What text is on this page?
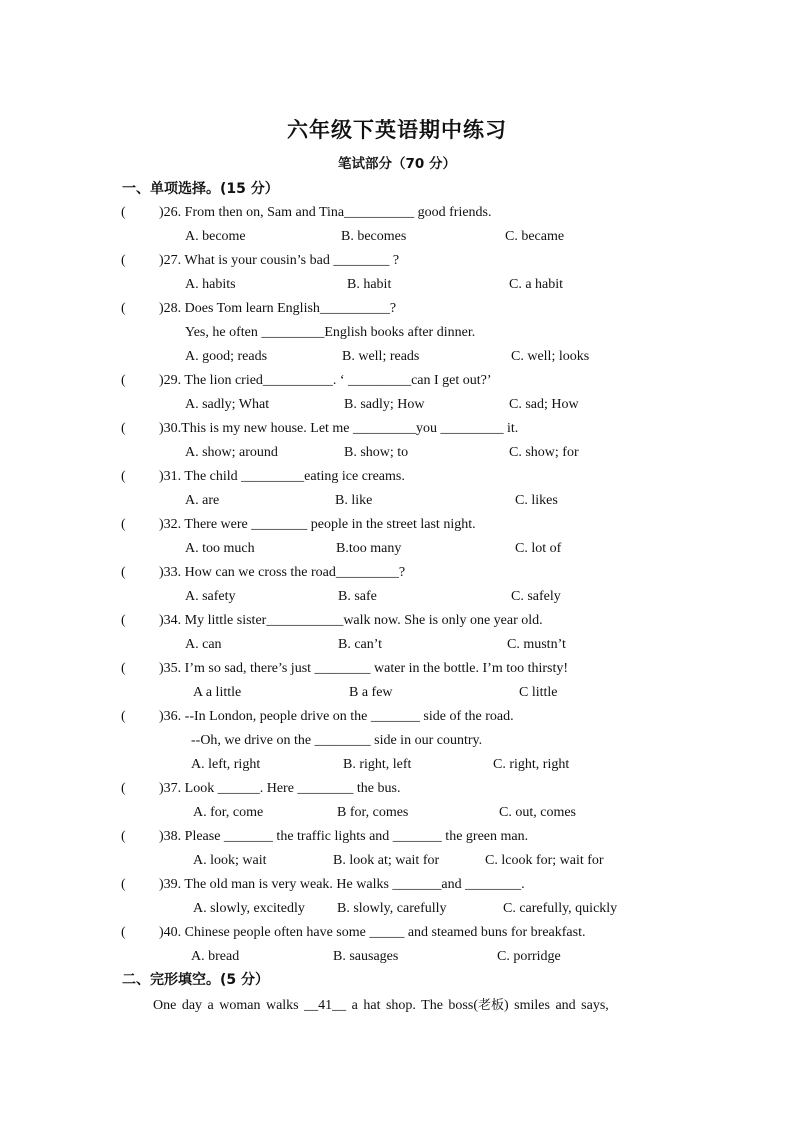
六年级下英语期中练习
笔试部分（70 分）
一、单项选择。(15 分）
( )26. From then on, Sam and Tina__________ good friends.
A. become	B. becomes	C. became
( )27. What is your cousin’s bad ________ ?
A. habits	B. habit	C. a habit
( )28. Does Tom learn English__________?
Yes, he often _________English books after dinner.
A. good; reads	B. well; reads	C. well; looks
( )29. The lion cried__________. ‘ _________can I get out?’
A. sadly; What	B. sadly; How	C. sad; How
( )30.This is my new house. Let me _________you _________ it.
A. show; around	B. show; to	C. show; for
( )31. The child _________eating ice creams.
A. are	B. like	C. likes
( )32. There were ________ people in the street last night.
A. too much	B.too many	C. lot of
( )33. How can we cross the road_________?
A. safety	B. safe	C. safely
( )34. My little sister___________walk now. She is only one year old.
A. can	B. can’t	C. mustn’t
( )35. I’m so sad, there’s just ________ water in the bottle. I’m too thirsty!
A a little	B a few	C little
( )36. --In London, people drive on the _______ side of the road.
--Oh, we drive on the ________ side in our country.
A. left, right	B. right, left	C. right, right
( )37. Look ______. Here ________ the bus.
A. for, come	B for, comes	C. out, comes
( )38. Please _______ the traffic lights and _______ the green man.
A. look; wait	B. look at; wait for	C. lcook for; wait for
( )39. The old man is very weak. He walks _______and ________.
A. slowly, excitedly B. slowly, carefully	C. carefully, quickly
( )40. Chinese people often have some _____ and steamed buns for breakfast.
A. bread	B. sausages	C. porridge
二、完形填空。(5 分）
One day a woman walks __41__ a hat shop. The boss(老板) smiles and says,
